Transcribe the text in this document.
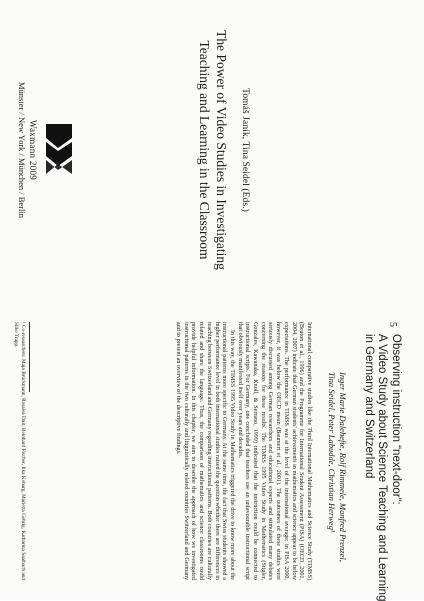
Tomáš Janík, Tina Seidel (Eds.)
The Power of Video Studies in Investigating
Teaching and Learning in the Classroom
Waxmann 2009
Münster / New York / München / Berlin
5
Observing instruction “next-door”:
A Video Study about Science Teaching and Learning
in Germany and Switzerland
Inger Marie Dalehefte, Rolf Rimmele, Manfred Prenzel,
Tina Seidel, Peter Labudde, Christian Herweg¹

International comparative studies like the Third International Mathematics and Science Study (TIMSS) (Beaton et al., 1996) and the Programme for International Student Assessment (PISA) (OECD, 2001, 2004, 2007) indicate that German students' achievements in mathematics and science appear to be below expectations. The performance in TIMSS was at the level of the international average; in PISA 2000, however, it was below the OECD mean (Baumert et al., 2001). The outcomes of these studies were seriously discussed among German researchers and educational experts and stimulated many debates concerning the reasons for these results. The TIMSS 1995 Video Study in Mathematics (Stigler, Gonzales, Kawanaka, Knoll, & Serrano, 1999) indicated that the instruction could be connected to instructional scripts. For Germany, one concluded that teachers use an unfavourable instructional script that obviously manifested itself over years and decades.

In this way, the TIMSS 1995 Video Study in Mathematics triggered the drive to know more about the instructional patterns more specific to Germany. At the same time, the fact that Swiss students showed a higher performance level in both international studies raised the question whether there are differences in teaching between Switzerland and Germany regarding instructional patterns. Both countries are culturally related and share the language. Thus, the comparison of mathematics and science classrooms could provide helpful information. In this chapter, we aim to describe the approach of how we investigated instructional patterns in the two culturally and linguistically related countries Switzerland and Germany and to present an overview of the descriptive findings.

¹ Co-researchers: Maja Brückmann, Rosalea Duit, Reinhard Fischer, Ilka Kobarg, Marietta Gehrig, Katharina Saalbach and Silke Trapp.
